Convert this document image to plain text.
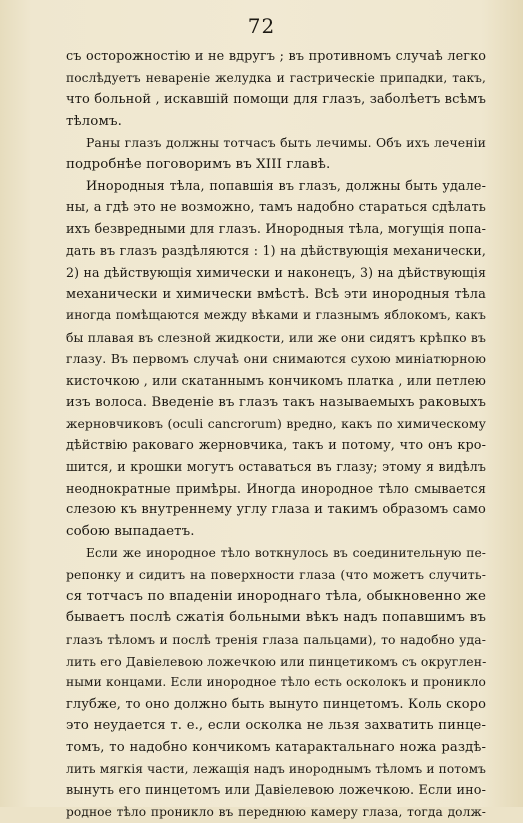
72
съ осторожностію и не вдругъ ; въ противномъ случаѣ легко
послѣдуетъ неваренiе желудка и гастрическiе припадки, такъ,
что больной , искавшiй помощи для глазъ, заболѣетъ всѣмъ
тѣломъ.
Раны глазъ должны тотчасъ быть лечимы. Объ ихъ леченiи
подробнѣе поговоримъ въ XIII главѣ.
Инородныя тѣла, попавшiя въ глазъ, должны быть удале-
ны, а гдѣ это не возможно, тамъ надобно стараться сдѣлать
ихъ безвредными для глазъ. Инородныя тѣла, могущiя попа-
дать въ глазъ раздѣляются : 1) на дѣйствующiя механически,
2) на дѣйствующiя химически и наконецъ, 3) на дѣйствующiя
механически и химически вмѣстѣ. Всѣ эти инородныя тѣла
иногда помѣщаются между вѣками и глазнымъ яблокомъ, какъ
бы плавая въ слезной жидкости, или же они сидятъ крѣпко въ
глазу. Въ первомъ случаѣ они снимаются сухою миніатюрною
кисточкою , или скатаннымъ кончикомъ платка , или петлею
изъ волоса. Введенiе въ глазъ такъ называемыхъ раковыхъ
жерновчиковъ (oculi cancrorum) вредно, какъ по химическому
дѣйствiю раковаго жерновчика, такъ и потому, что онъ кро-
шится, и крошки могутъ оставаться въ глазу; этому я видѣлъ
неоднократные примѣры. Иногда инородное тѣло смывается
слезою къ внутреннему углу глаза и такимъ образомъ само
собою выпадаетъ.
Если же инородное тѣло воткнулось въ соединительную пе-
репонку и сидитъ на поверхности глаза (что можетъ случить-
ся тотчасъ по впаденiи инороднаго тѣла, обыкновенно же
бываетъ послѣ сжатiя больными вѣкъ надъ попавшимъ въ
глазъ тѣломъ и послѣ тренiя глаза пальцами), то надобно уда-
лить его Давiелевою ложечкою или пинцетикомъ съ округлен-
ными концами. Если инородное тѣло есть осколокъ и проникло
глубже, то оно должно быть вынуто пинцетомъ. Коль скоро
это неудается т. е., если осколка не льзя захватить пинце-
томъ, то надобно кончикомъ катарактальнаго ножа раздѣ-
лить мягкiя части, лежащiя надъ инороднымъ тѣломъ и потомъ
вынуть его пинцетомъ или Давiелевою ложечкою. Если ино-
родное тѣло проникло въ переднюю камеру глаза, тогда долж-
